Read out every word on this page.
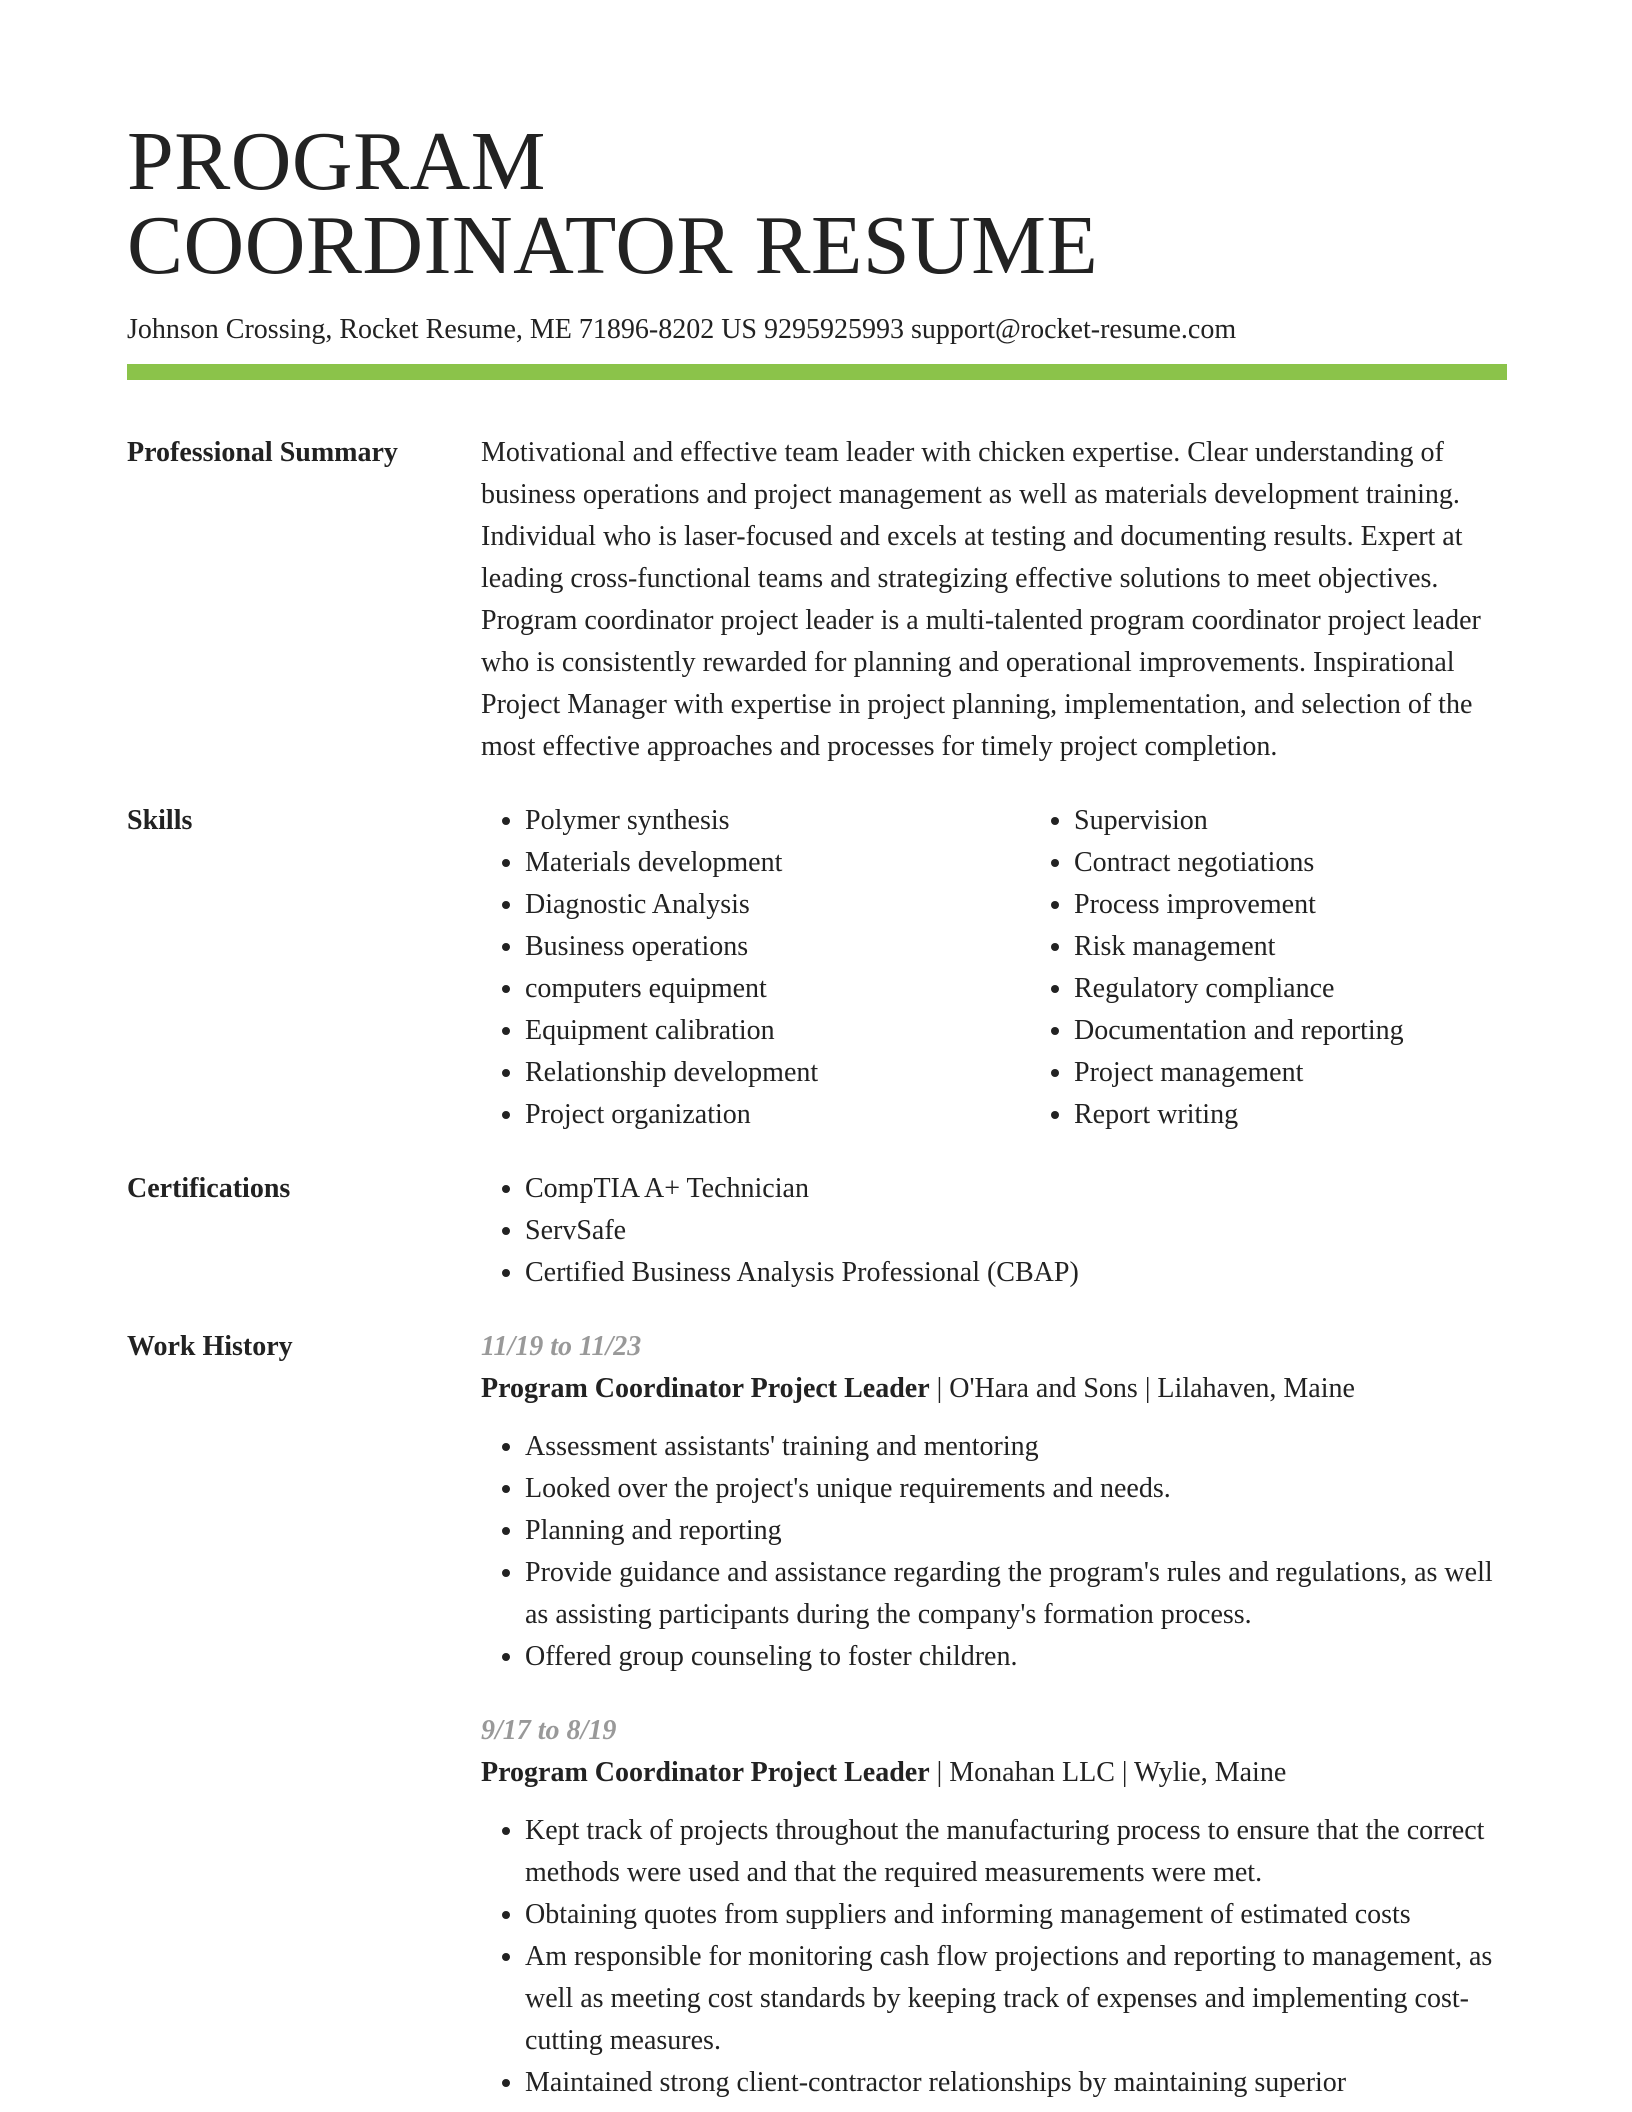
PROGRAM
COORDINATOR RESUME
Johnson Crossing, Rocket Resume, ME 71896-8202 US 9295925993 support@rocket-resume.com
Professional Summary	Motivational and effective team leader with chicken expertise. Clear understanding of business operations and project management as well as materials development training. Individual who is laser-focused and excels at testing and documenting results. Expert at leading cross-functional teams and strategizing effective solutions to meet objectives. Program coordinator project leader is a multi-talented program coordinator project leader who is consistently rewarded for planning and operational improvements. Inspirational Project Manager with expertise in project planning, implementation, and selection of the most effective approaches and processes for timely project completion.
Skills	• Polymer synthesis
• Materials development
• Diagnostic Analysis
• Business operations
• computers equipment
• Equipment calibration
• Relationship development
• Project organization
• Supervision
• Contract negotiations
• Process improvement
• Risk management
• Regulatory compliance
• Documentation and reporting
• Project management
• Report writing
Certifications	• CompTIA A+ Technician
• ServSafe
• Certified Business Analysis Professional (CBAP)
Work History	11/19 to 11/23
Program Coordinator Project Leader | O'Hara and Sons | Lilahaven, Maine
• Assessment assistants' training and mentoring
• Looked over the project's unique requirements and needs.
• Planning and reporting
• Provide guidance and assistance regarding the program's rules and regulations, as well as assisting participants during the company's formation process.
• Offered group counseling to foster children.
9/17 to 8/19
Program Coordinator Project Leader | Monahan LLC | Wylie, Maine
• Kept track of projects throughout the manufacturing process to ensure that the correct methods were used and that the required measurements were met.
• Obtaining quotes from suppliers and informing management of estimated costs
• Am responsible for monitoring cash flow projections and reporting to management, as well as meeting cost standards by keeping track of expenses and implementing cost-cutting measures.
• Maintained strong client-contractor relationships by maintaining superior
